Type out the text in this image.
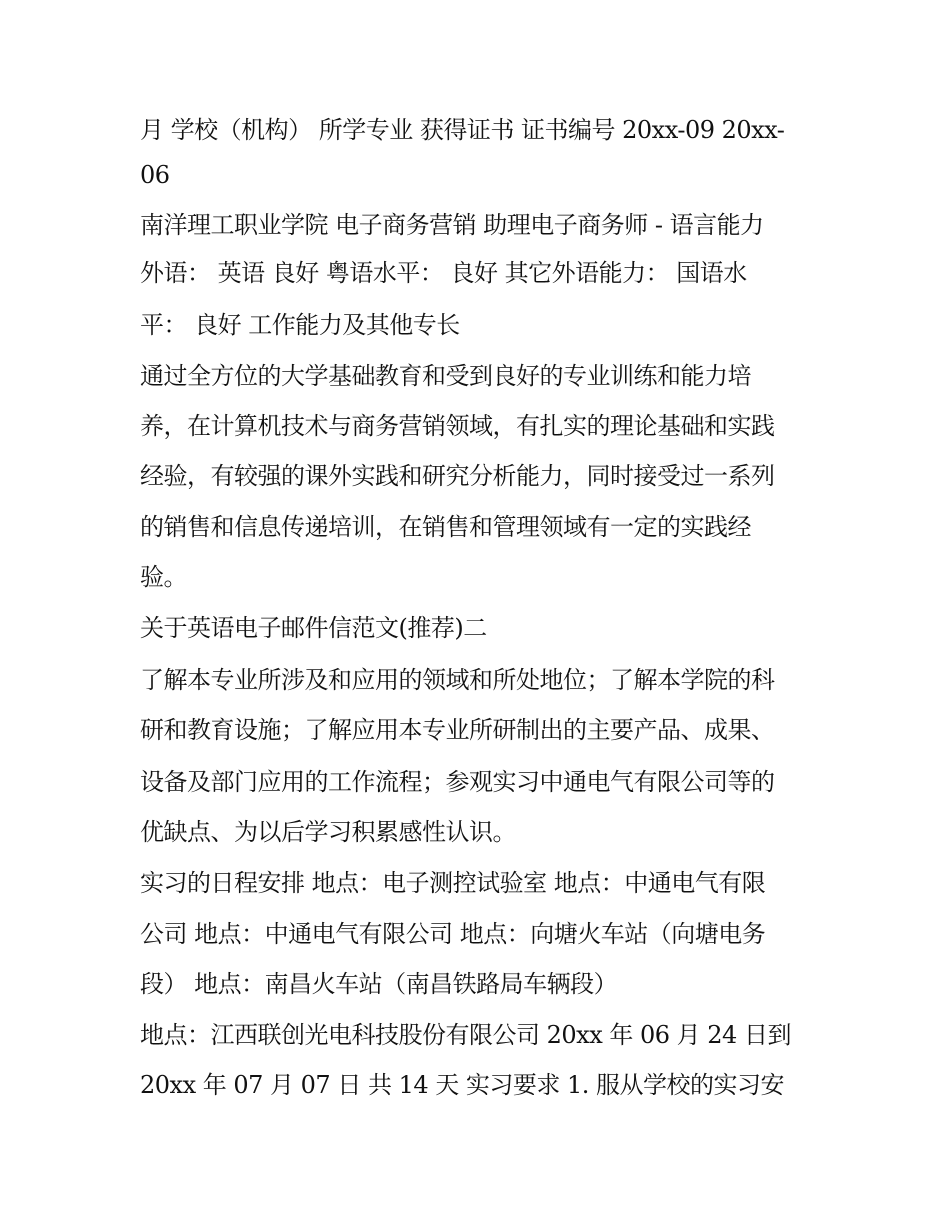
月 学校（机构） 所学专业 获得证书 证书编号 20xx-09 20xx-
06
南洋理工职业学院 电子商务营销 助理电子商务师 - 语言能力
外语： 英语 良好 粤语水平： 良好 其它外语能力： 国语水
平： 良好 工作能力及其他专长
通过全方位的大学基础教育和受到良好的专业训练和能力培
养，在计算机技术与商务营销领域，有扎实的理论基础和实践
经验，有较强的课外实践和研究分析能力，同时接受过一系列
的销售和信息传递培训，在销售和管理领域有一定的实践经
验。
关于英语电子邮件信范文(推荐)二
了解本专业所涉及和应用的领域和所处地位；了解本学院的科
研和教育设施；了解应用本专业所研制出的主要产品、成果、
设备及部门应用的工作流程；参观实习中通电气有限公司等的
优缺点、为以后学习积累感性认识。
实习的日程安排 地点：电子测控试验室 地点：中通电气有限
公司 地点：中通电气有限公司 地点：向塘火车站（向塘电务
段） 地点：南昌火车站（南昌铁路局车辆段）
地点：江西联创光电科技股份有限公司 20xx 年 06 月 24 日到
20xx 年 07 月 07 日 共 14 天 实习要求 1. 服从学校的实习安
